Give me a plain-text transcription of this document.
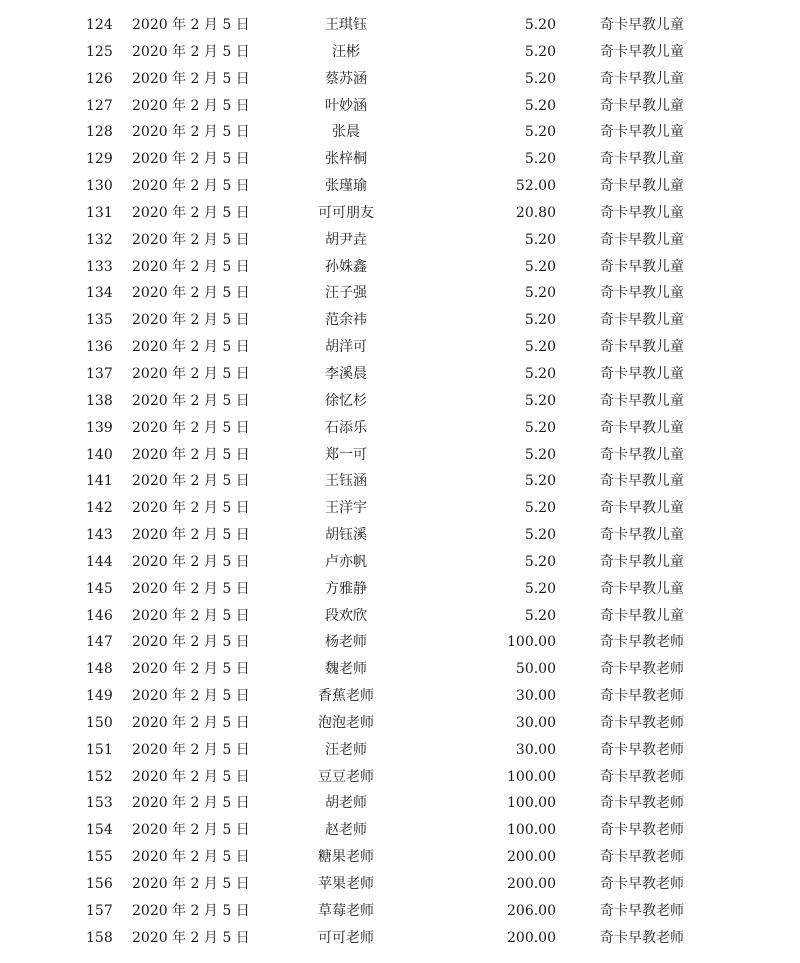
124 2020 年 2 月 5 日	王琪钰	5.20	奇卡早教儿童
125 2020 年 2 月 5 日	汪彬	5.20	奇卡早教儿童
126 2020 年 2 月 5 日	蔡苏涵	5.20	奇卡早教儿童
127 2020 年 2 月 5 日	叶妙涵	5.20	奇卡早教儿童
128 2020 年 2 月 5 日	张晨	5.20	奇卡早教儿童
129 2020 年 2 月 5 日	张梓桐	5.20	奇卡早教儿童
130 2020 年 2 月 5 日	张瑾瑜	52.00	奇卡早教儿童
131 2020 年 2 月 5 日	可可朋友	20.80	奇卡早教儿童
132 2020 年 2 月 5 日	胡尹垚	5.20	奇卡早教儿童
133 2020 年 2 月 5 日	孙姝鑫	5.20	奇卡早教儿童
134 2020 年 2 月 5 日	汪子强	5.20	奇卡早教儿童
135 2020 年 2 月 5 日	范余祎	5.20	奇卡早教儿童
136 2020 年 2 月 5 日	胡洋可	5.20	奇卡早教儿童
137 2020 年 2 月 5 日	李溪晨	5.20	奇卡早教儿童
138 2020 年 2 月 5 日	徐忆杉	5.20	奇卡早教儿童
139 2020 年 2 月 5 日	石添乐	5.20	奇卡早教儿童
140 2020 年 2 月 5 日	郑一可	5.20	奇卡早教儿童
141 2020 年 2 月 5 日	王钰涵	5.20	奇卡早教儿童
142 2020 年 2 月 5 日	王洋宇	5.20	奇卡早教儿童
143 2020 年 2 月 5 日	胡钰溪	5.20	奇卡早教儿童
144 2020 年 2 月 5 日	卢亦帆	5.20	奇卡早教儿童
145 2020 年 2 月 5 日	方雅静	5.20	奇卡早教儿童
146 2020 年 2 月 5 日	段欢欣	5.20	奇卡早教儿童
147 2020 年 2 月 5 日	杨老师	100.00	奇卡早教老师
148 2020 年 2 月 5 日	魏老师	50.00	奇卡早教老师
149 2020 年 2 月 5 日	香蕉老师	30.00	奇卡早教老师
150 2020 年 2 月 5 日	泡泡老师	30.00	奇卡早教老师
151 2020 年 2 月 5 日	汪老师	30.00	奇卡早教老师
152 2020 年 2 月 5 日	豆豆老师	100.00	奇卡早教老师
153 2020 年 2 月 5 日	胡老师	100.00	奇卡早教老师
154 2020 年 2 月 5 日	赵老师	100.00	奇卡早教老师
155 2020 年 2 月 5 日	糖果老师	200.00	奇卡早教老师
156 2020 年 2 月 5 日	苹果老师	200.00	奇卡早教老师
157 2020 年 2 月 5 日	草莓老师	206.00	奇卡早教老师
158 2020 年 2 月 5 日	可可老师	200.00	奇卡早教老师
